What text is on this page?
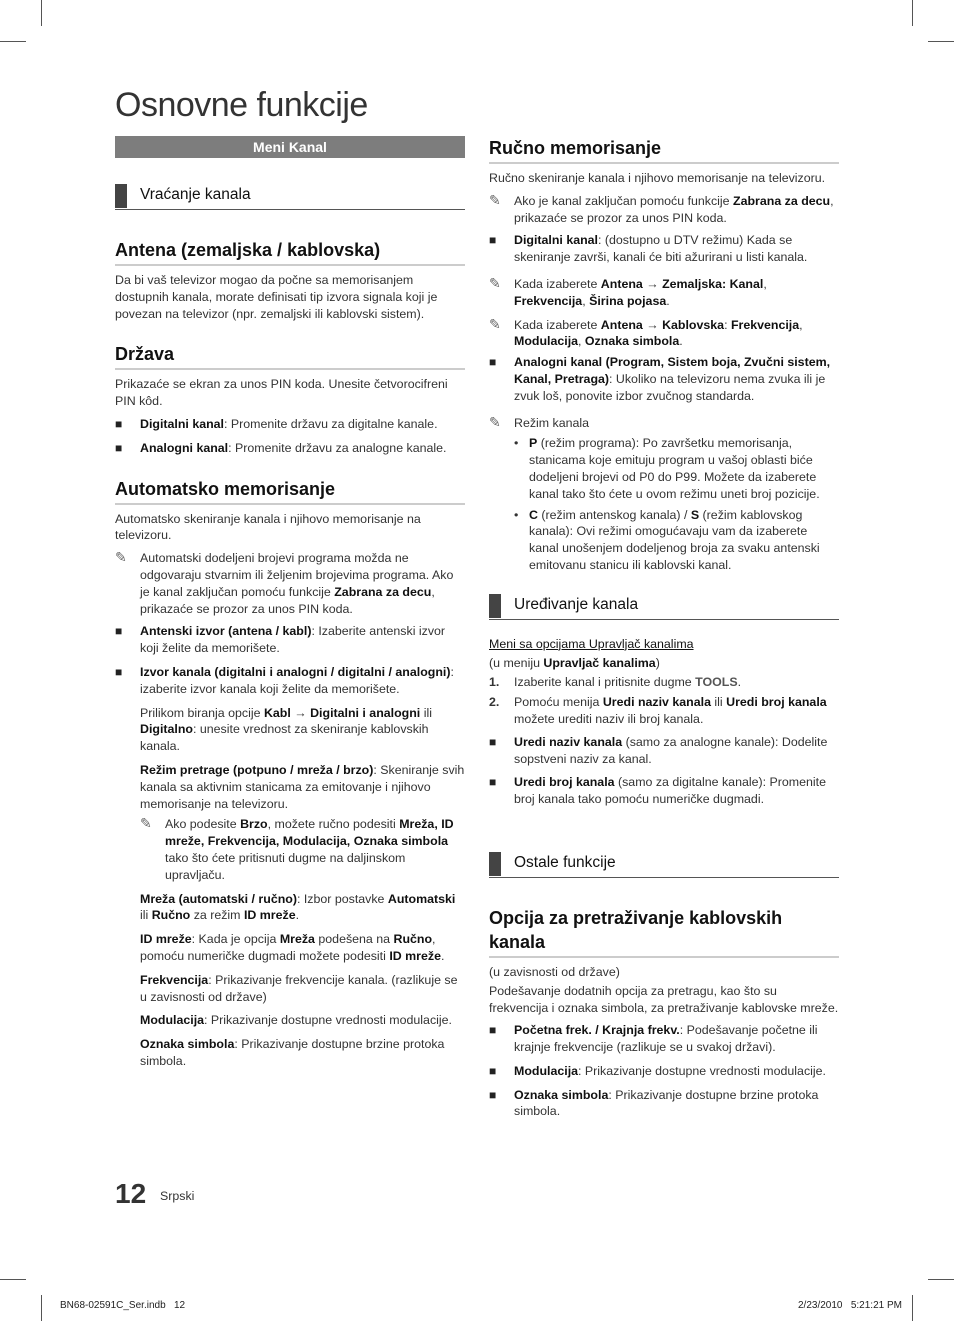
Osnovne funkcije
Meni Kanal
Vraćanje kanala
Antena (zemaljska / kablovska)

Da bi vaš televizor mogao da počne sa memorisanjem dostupnih kanala, morate definisati tip izvora signala koji je povezan na televizor (npr. zemaljski ili kablovski sistem).

Država

Prikazaće se ekran za unos PIN koda. Unesite četvorocifreni PIN kôd.

■ Digitalni kanal: Promenite državu za digitalne kanale.
■ Analogni kanal: Promenite državu za analogne kanale.
Automatsko memorisanje

Automatsko skeniranje kanala i njihovo memorisanje na televizoru.

✎ Automatski dodeljeni brojevi programa možda ne odgovaraju stvarnim ili željenim brojevima programa. Ako je kanal zaključan pomoću funkcije Zabrana za decu, prikazaće se prozor za unos PIN koda.
■ Antenski izvor (antena / kabl): Izaberite antenski izvor koji želite da memorišete.
■ Izvor kanala (digitalni i analogni / digitalni / analogni): izaberite izvor kanala koji želite da memorišete.
Prilikom biranja opcije Kabl → Digitalni i analogni ili Digitalno: unesite vrednost za skeniranje kablovskih kanala.
Režim pretrage (potpuno / mreža / brzo): Skeniranje svih kanala sa aktivnim stanicama za emitovanje i njihovo memorisanje na televizoru.
✎ Ako podesite Brzo, možete ručno podesiti Mreža, ID mreže, Frekvencija, Modulacija, Oznaka simbola tako što ćete pritisnuti dugme na daljinskom upravljaču.
Mreža (automatski / ručno): Izbor postavke Automatski ili Ručno za režim ID mreže.
ID mreže: Kada je opcija Mreža podešena na Ručno, pomoću numeričke dugmadi možete podesiti ID mreže.
Frekvencija: Prikazivanje frekvencije kanala. (razlikuje se u zavisnosti od države)
Modulacija: Prikazivanje dostupne vrednosti modulacije.
Oznaka simbola: Prikazivanje dostupne brzine protoka simbola.
Ručno memorisanje

Ručno skeniranje kanala i njihovo memorisanje na televizoru.

✎ Ako je kanal zaključan pomoću funkcije Zabrana za decu, prikazaće se prozor za unos PIN koda.
■ Digitalni kanal: (dostupno u DTV režimu) Kada se skeniranje završi, kanali će biti ažurirani u listi kanala.
✎ Kada izaberete Antena → Zemaljska: Kanal, Frekvencija, Širina pojasa.
✎ Kada izaberete Antena → Kablovska: Frekvencija, Modulacija, Oznaka simbola.
■ Analogni kanal (Program, Sistem boja, Zvučni sistem, Kanal, Pretraga): Ukoliko na televizoru nema zvuka ili je zvuk loš, ponovite izbor zvučnog standarda.
✎ Režim kanala
• P (režim programa): Po završetku memorisanja, stanicama koje emituju program u vašoj oblasti biće dodeljeni brojevi od P0 do P99. Možete da izaberete kanal tako što ćete u ovom režimu uneti broj pozicije.
• C (režim antenskog kanala) / S (režim kablovskog kanala): Ovi režimi omogućavaju vam da izaberete kanal unošenjem dodeljenog broja za svaku antenski emitovanu stanicu ili kablovski kanal.
Uređivanje kanala
Meni sa opcijama Upravljač kanalima
(u meniju Upravljač kanalima)
1. Izaberite kanal i pritisnite dugme TOOLS.
2. Pomoću menija Uredi naziv kanala ili Uredi broj kanala možete urediti naziv ili broj kanala.
■ Uredi naziv kanala (samo za analogne kanale): Dodelite sopstveni naziv za kanal.
■ Uredi broj kanala (samo za digitalne kanale): Promenite broj kanala tako pomoću numeričke dugmadi.
Ostale funkcije
Opcija za pretraživanje kablovskih kanala

(u zavisnosti od države)

Podešavanje dodatnih opcija za pretragu, kao što su frekvencija i oznaka simbola, za pretraživanje kablovske mreže.

■ Početna frek. / Krajnja frekv.: Podešavanje početne ili krajnje frekvencije (razlikuje se u svakoj državi).
■ Modulacija: Prikazivanje dostupne vrednosti modulacije.
■ Oznaka simbola: Prikazivanje dostupne brzine protoka simbola.
12 Srpski
BN68-02591C_Ser.indb   12	2/23/2010   5:21:21 PM
